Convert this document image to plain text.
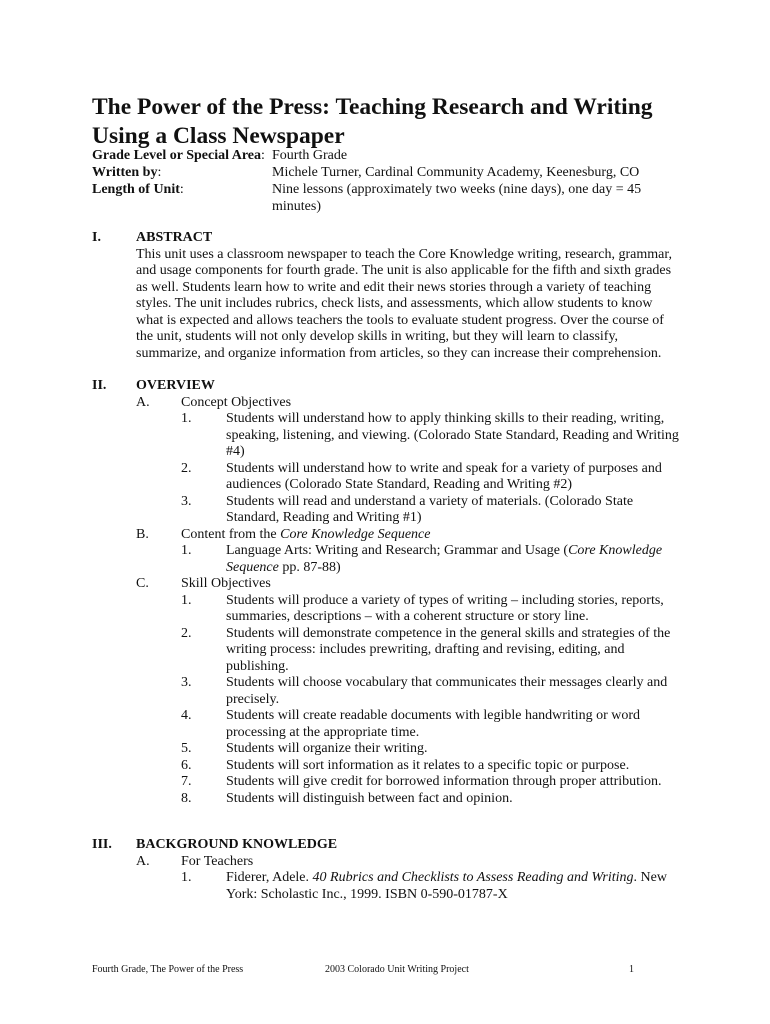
The Power of the Press: Teaching Research and Writing Using a Class Newspaper
Grade Level or Special Area: Fourth Grade
Written by:	Michele Turner, Cardinal Community Academy, Keenesburg, CO
Length of Unit:	Nine lessons (approximately two weeks (nine days), one day = 45 minutes)
I.	ABSTRACT
This unit uses a classroom newspaper to teach the Core Knowledge writing, research, grammar, and usage components for fourth grade. The unit is also applicable for the fifth and sixth grades as well. Students learn how to write and edit their news stories through a variety of teaching styles. The unit includes rubrics, check lists, and assessments, which allow students to know what is expected and allows teachers the tools to evaluate student progress. Over the course of the unit, students will not only develop skills in writing, but they will learn to classify, summarize, and organize information from articles, so they can increase their comprehension.
II.	OVERVIEW
A.	Concept Objectives
1.	Students will understand how to apply thinking skills to their reading, writing, speaking, listening, and viewing. (Colorado State Standard, Reading and Writing #4)
2.	Students will understand how to write and speak for a variety of purposes and audiences (Colorado State Standard, Reading and Writing #2)
3.	Students will read and understand a variety of materials. (Colorado State Standard, Reading and Writing #1)
B.	Content from the Core Knowledge Sequence
1.	Language Arts: Writing and Research; Grammar and Usage (Core Knowledge Sequence pp. 87-88)
C.	Skill Objectives
1.	Students will produce a variety of types of writing – including stories, reports, summaries, descriptions – with a coherent structure or story line.
2.	Students will demonstrate competence in the general skills and strategies of the writing process: includes prewriting, drafting and revising, editing, and publishing.
3.	Students will choose vocabulary that communicates their messages clearly and precisely.
4.	Students will create readable documents with legible handwriting or word processing at the appropriate time.
5.	Students will organize their writing.
6.	Students will sort information as it relates to a specific topic or purpose.
7.	Students will give credit for borrowed information through proper attribution.
8.	Students will distinguish between fact and opinion.
III.	BACKGROUND KNOWLEDGE
A.	For Teachers
1.	Fiderer, Adele. 40 Rubrics and Checklists to Assess Reading and Writing. New York: Scholastic Inc., 1999. ISBN 0-590-01787-X
Fourth Grade, The Power of the Press	2003 Colorado Unit Writing Project	1
